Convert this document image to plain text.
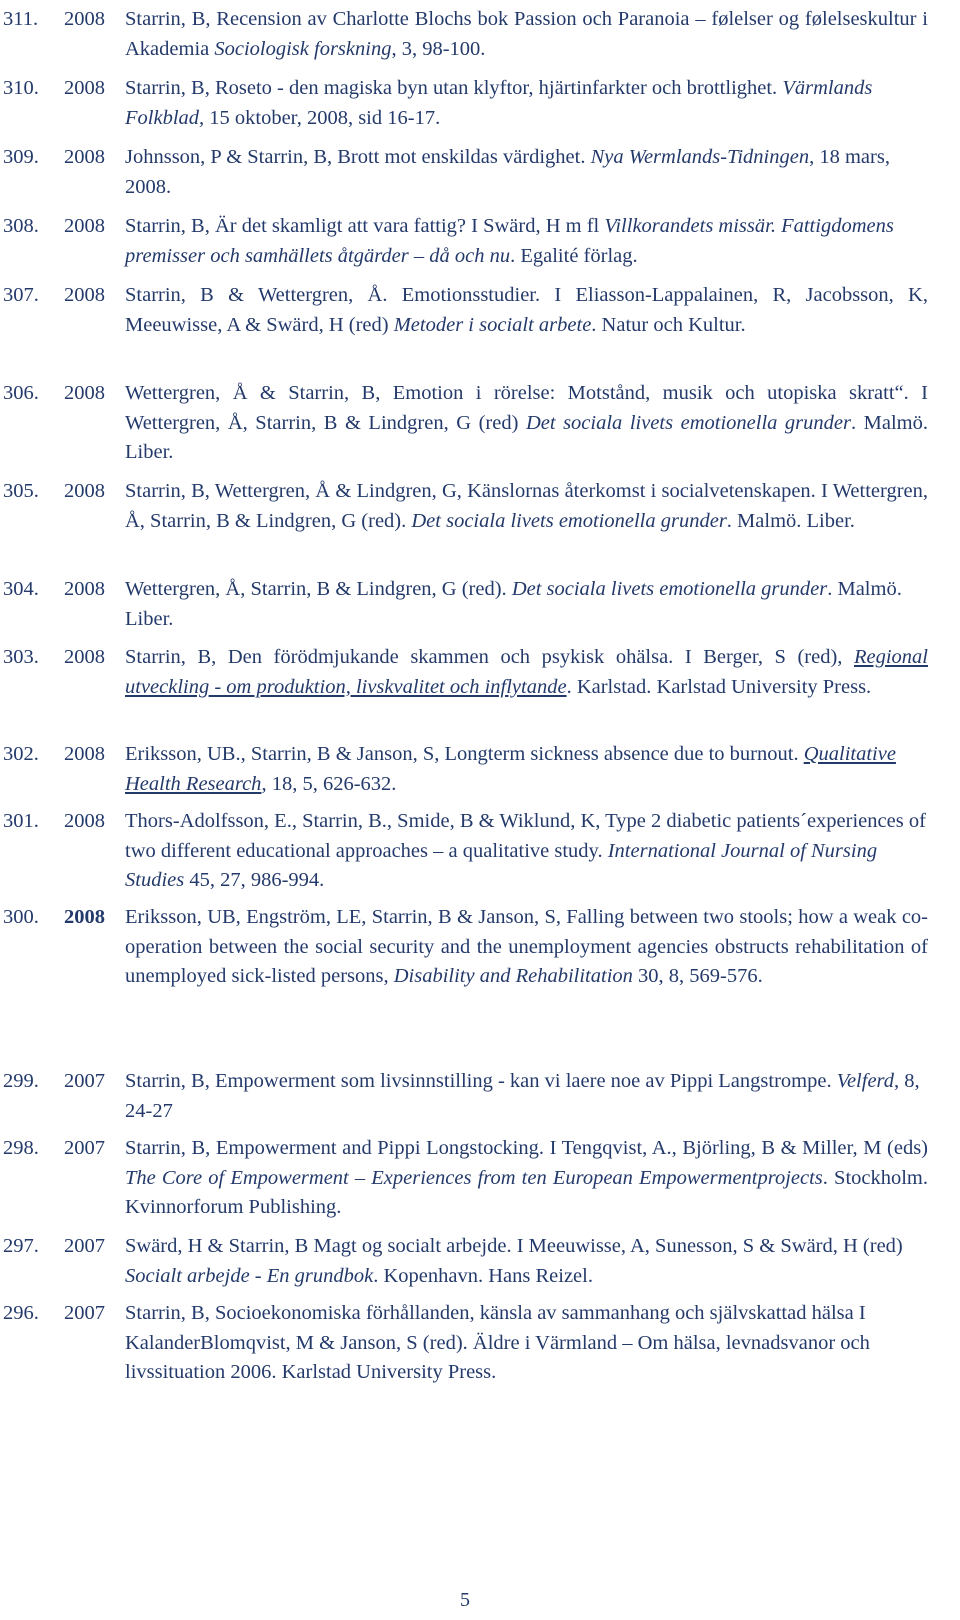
311.	2008 Starrin, B, Recension av Charlotte Blochs bok Passion och Paranoia – følelser og følelseskultur i Akademia Sociologisk forskning, 3, 98-100.
310.	2008 Starrin, B, Roseto - den magiska byn utan klyftor, hjärtinfarkter och brottlighet. Värmlands Folkblad, 15 oktober, 2008, sid 16-17.
309.	2008 Johnsson, P & Starrin, B, Brott mot enskildas värdighet. Nya Wermlands-Tidningen, 18 mars, 2008.
308.	2008 Starrin, B, Är det skamligt att vara fattig? I Swärd, H m fl Villkorandets missär. Fattigdomens premisser och samhällets åtgärder – då och nu. Egalité förlag.
307.	2008 Starrin, B & Wettergren, Å. Emotionsstudier. I Eliasson-Lappalainen, R, Jacobsson, K, Meeuwisse, A & Swärd, H (red) Metoder i socialt arbete. Natur och Kultur.
306.	2008 Wettergren, Å & Starrin, B, Emotion i rörelse: Motstånd, musik och utopiska skratt“. I Wettergren, Å, Starrin, B & Lindgren, G (red) Det sociala livets emotionella grunder. Malmö. Liber.
305.	2008 Starrin, B, Wettergren, Å & Lindgren, G, Känslornas återkomst i socialvetenskapen. I Wettergren, Å, Starrin, B & Lindgren, G (red). Det sociala livets emotionella grunder. Malmö. Liber.
304.	2008 Wettergren, Å, Starrin, B & Lindgren, G (red). Det sociala livets emotionella grunder. Malmö. Liber.
303.	2008 Starrin, B, Den förödmjukande skammen och psykisk ohälsa. I Berger, S (red), Regional utveckling - om produktion, livskvalitet och inflytande. Karlstad. Karlstad University Press.
302.	2008 Eriksson, UB., Starrin, B & Janson, S, Longterm sickness absence due to burnout. Qualitative Health Research, 18, 5, 626-632.
301.	2008 Thors-Adolfsson, E., Starrin, B., Smide, B & Wiklund, K, Type 2 diabetic patients´experiences of two different educational approaches – a qualitative study. International Journal of Nursing Studies 45, 27, 986-994.
300.	2008 Eriksson, UB, Engström, LE, Starrin, B & Janson, S, Falling between two stools; how a weak co-operation between the social security and the unemployment agencies obstructs rehabilitation of unemployed sick-listed persons, Disability and Rehabilitation 30, 8, 569-576.
299.	2007 Starrin, B, Empowerment som livsinnstilling - kan vi laere noe av Pippi Langstrompe. Velferd, 8, 24-27
298.	2007 Starrin, B, Empowerment and Pippi Longstocking. I Tengqvist, A., Björling, B & Miller, M (eds) The Core of Empowerment – Experiences from ten European Empowermentprojects. Stockholm. Kvinnorforum Publishing.
297.	2007 Swärd, H & Starrin, B Magt og socialt arbejde. I Meeuwisse, A, Sunesson, S & Swärd, H (red) Socialt arbejde - En grundbok. Kopenhavn. Hans Reizel.
296.	2007 Starrin, B, Socioekonomiska förhållanden, känsla av sammanhang och självskattad hälsa I KalanderBlomqvist, M & Janson, S (red). Äldre i Värmland – Om hälsa, levnadsvanor och livssituation 2006. Karlstad University Press.
5
